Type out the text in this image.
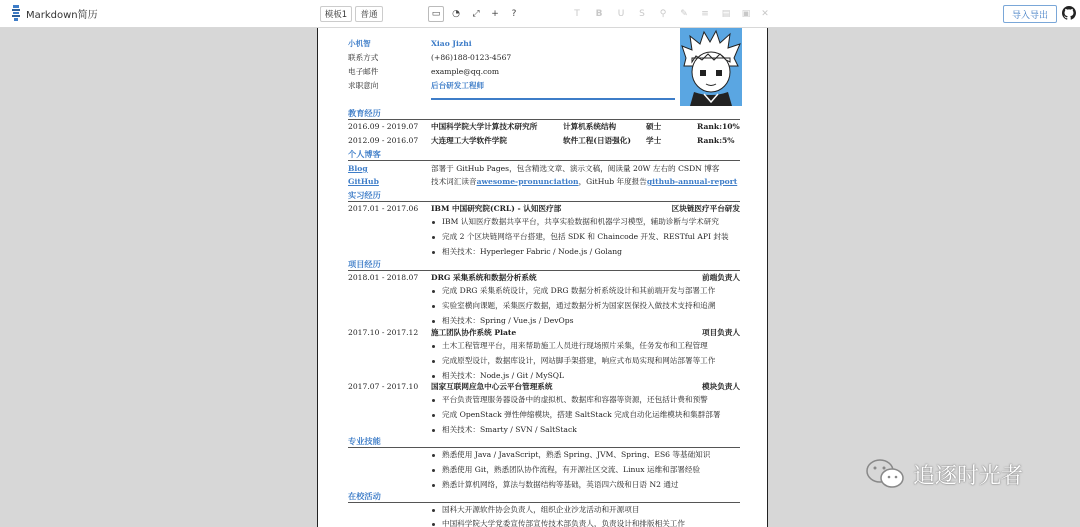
Markdown简历	模板1 普通	▭	◔	⤢	+	?	T	B	U	S	⚲	✎	≡	▤	▣	✕	导入导出
小机智	Xiao Jizhi
联系方式	(+86)188-0123-4567
电子邮件	example@qq.com
求职意向	后台研发工程师
教育经历
2016.09 - 2019.07 中国科学院大学计算技术研究所	计算机系统结构	硕士	Rank:10%
2012.09 - 2016.07 大连理工大学软件学院	软件工程(日语强化) 学士	Rank:5%
个人博客
Blog	部署于 GitHub Pages，包含精选文章、演示文稿，阅读量 20W 左右的 CSDN 博客
GitHub	技术词汇读音awesome-pronunciation，GitHub 年度报告github-annual-report
实习经历
2017.01 - 2017.06 IBM 中国研究院(CRL) - 认知医疗部	区块链医疗平台研发
IBM 认知医疗数据共享平台，共享实验数据和机器学习模型，辅助诊断与学术研究
完成 2 个区块链网络平台搭建，包括 SDK 和 Chaincode 开发、RESTful API 封装
相关技术：Hyperleger Fabric / Node.js / Golang
项目经历
2018.01 - 2018.07 DRG 采集系统和数据分析系统	前端负责人
完成 DRG 采集系统设计，完成 DRG 数据分析系统设计和其前端开发与部署工作
实验室横向课题，采集医疗数据，通过数据分析为国家医保投入做技术支持和追溯
相关技术：Spring / Vue.js / DevOps
2017.10 - 2017.12 施工团队协作系统 Plate	项目负责人
土木工程管理平台，用来帮助施工人员进行现场照片采集，任务发布和工程管理
完成原型设计，数据库设计，网站脚手架搭建，响应式布局实现和网站部署等工作
相关技术：Node.js / Git / MySQL
2017.07 - 2017.10 国家互联网应急中心云平台管理系统	模块负责人
平台负责管理服务器设备中的虚拟机、数据库和容器等资源，还包括计费和预警
完成 OpenStack 弹性伸缩模块，搭建 SaltStack 完成自动化运维模块和集群部署
相关技术：Smarty / SVN / SaltStack
专业技能
熟悉使用 Java / JavaScript，熟悉 Spring、JVM、Spring、ES6 等基础知识
熟悉使用 Git，熟悉团队协作流程，有开源社区交流、Linux 运维和部署经验
熟悉计算机网络，算法与数据结构等基础，英语四六级和日语 N2 通过
在校活动
国科大开源软件协会负责人，组织企业沙龙活动和开源项目
中国科学院大学党委宣传部宣传技术部负责人，负责设计和排版相关工作
追逐时光者
